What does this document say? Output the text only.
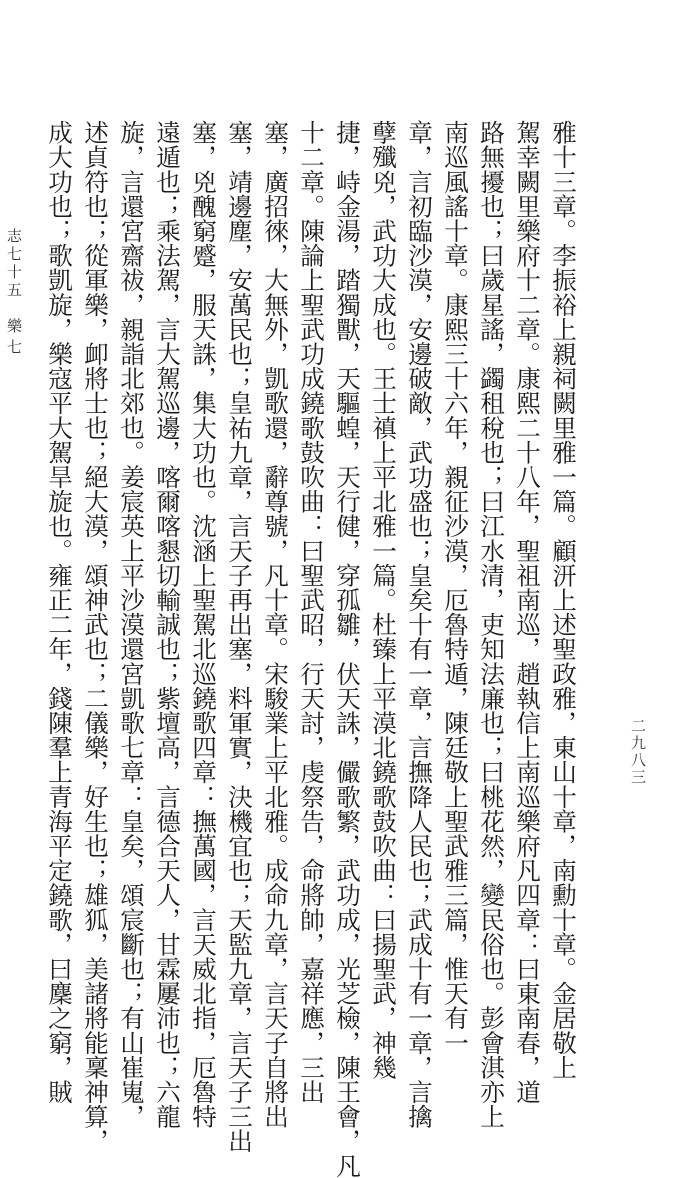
二九八三
雅十三章。李振裕上親祠闕里雅一篇。顧汧上述聖政雅，東山十章，南勳十章。金居敬上
駕幸闕里樂府十二章。康熙二十八年，聖祖南巡，趙執信上南巡樂府凡四章：曰東南春，道
路無擾也；曰歲星謠，蠲租稅也；曰江水清，吏知法廉也；曰桃花然，變民俗也。彭會淇亦上
南巡風謠十章。康熙三十六年，親征沙漠，厄魯特遁，陳廷敬上聖武雅三篇，惟天有一
章，言初臨沙漠，安邊破敵，武功盛也；皇矣十有一章，言撫降人民也；武成十有一章，言擒
孽殲兇，武功大成也。王士禛上平北雅一篇。杜臻上平漠北鐃歌鼓吹曲：曰揚聖武，神幾
捷，峙金湯，踏獨獸，天驅蝗，天行健，穿孤雛，伏天誅，儼歌繁，武功成，光芝檢，陳王會，凡
十二章。陳論上聖武功成鐃歌鼓吹曲：曰聖武昭，行天討，虔祭告，命將帥，嘉祥應，三出
塞，廣招徠，大無外，凱歌還，辭尊號，凡十章。宋駿業上平北雅。成命九章，言天子自將出
塞，靖邊塵，安萬民也；皇祐九章，言天子再出塞，料軍實，決機宜也；天監九章，言天子三出
塞，兇醜窮蹙，服天誅，集大功也。沈涵上聖駕北巡鐃歌四章：撫萬國，言天威北指，厄魯特
遠遁也；乘法駕，言大駕巡邊，喀爾喀懇切輸誠也；紫壇高，言德合天人，甘霖屢沛也；六龍
旋，言還宮齋祓，親詣北郊也。姜宸英上平沙漠還宮凱歌七章：皇矣，頌宸斷也；有山崔嵬，
述貞符也；從軍樂，卹將士也；絕大漠，頌神武也；二儀樂，好生也；雄狐，美諸將能稟神算，
成大功也；歌凱旋，樂寇平大駕旱旋也。雍正二年，錢陳羣上青海平定鐃歌，曰麇之窮，賊
志七十五
樂七
